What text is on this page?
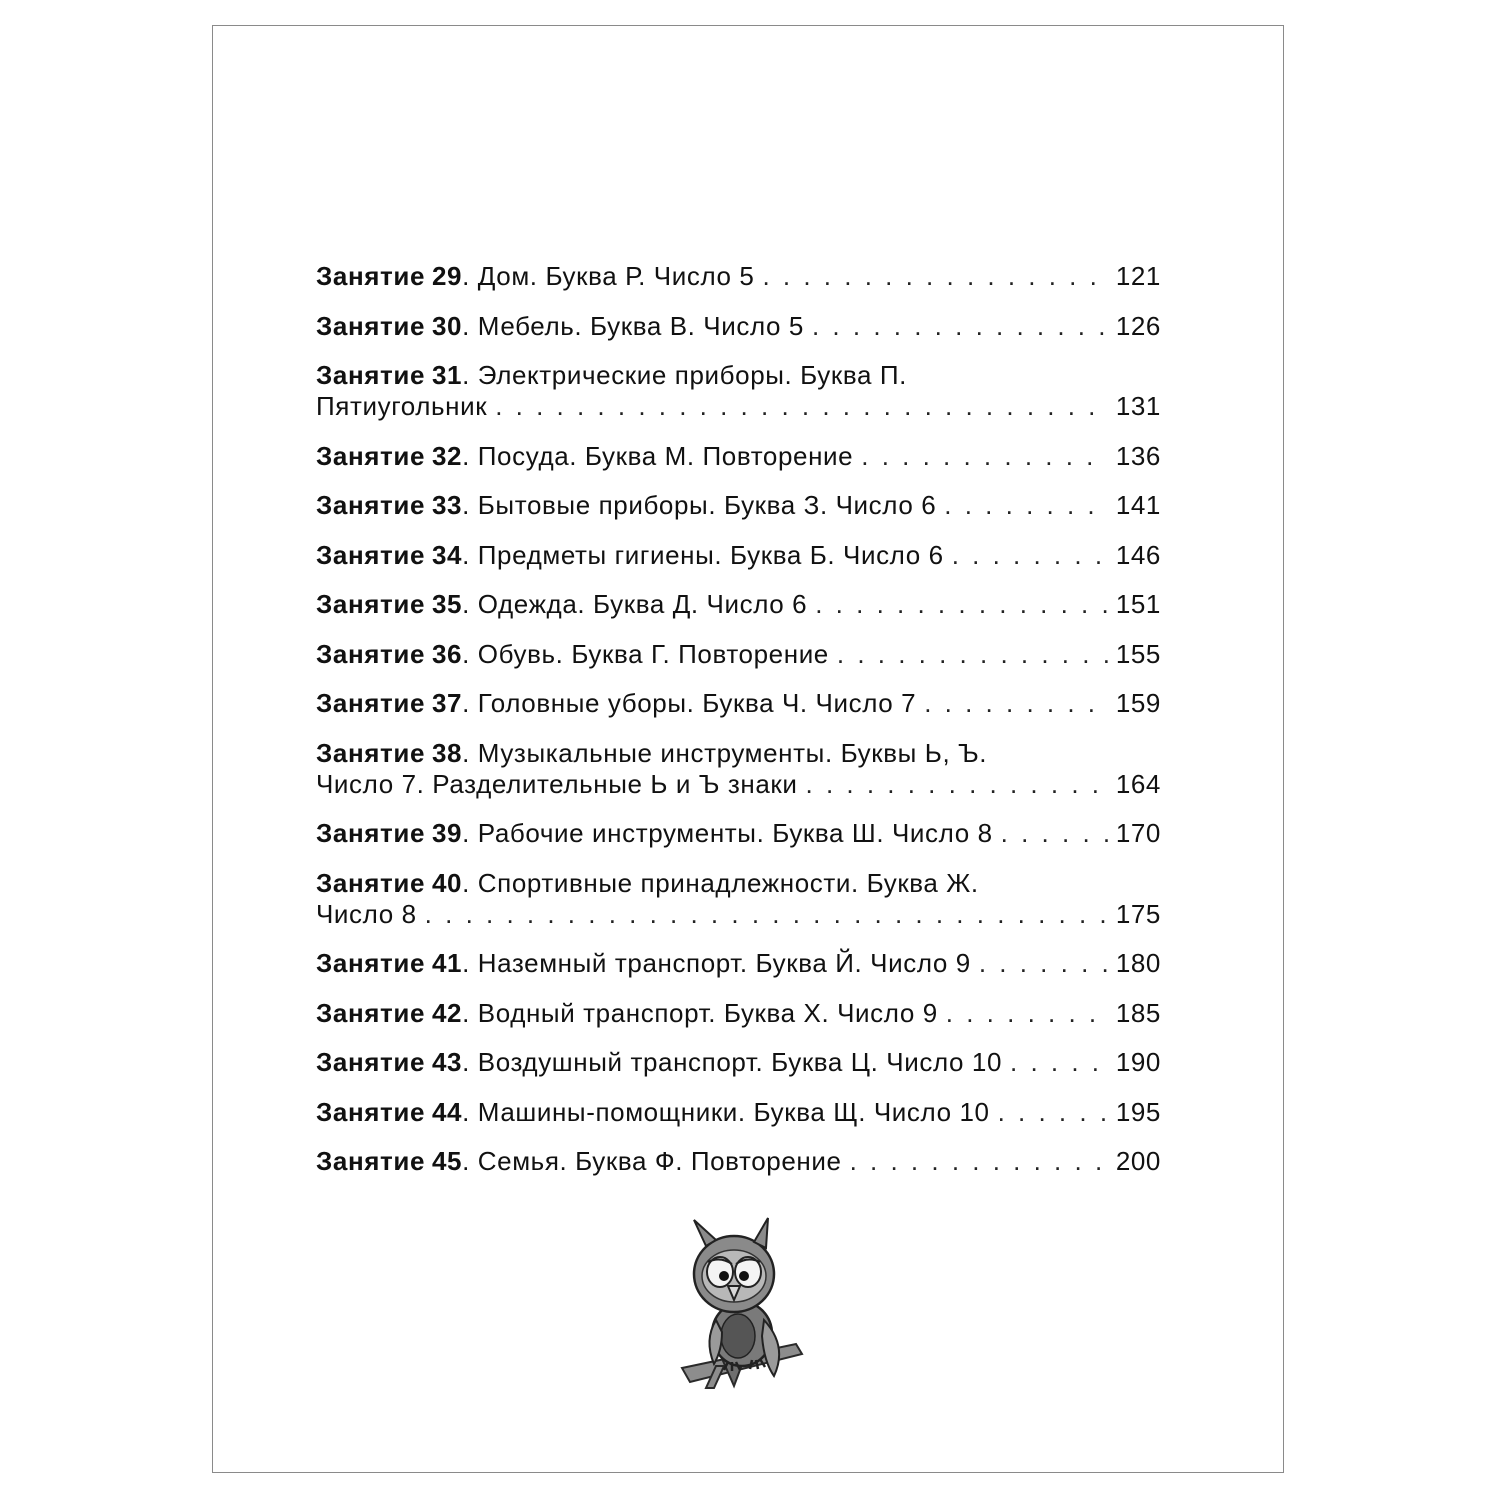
Занятие 29 . Дом. Буква Р. Число 5 . . .	121
Занятие 30 . Мебель. Буква В. Число 5 . . .	126
Занятие 31 . Электрические приборы. Буква П.
Пятиугольник . . .	131
Занятие 32 . Посуда. Буква М. Повторение . . .	136
Занятие 33 . Бытовые приборы. Буква З. Число 6 . . .	141
Занятие 34 . Предметы гигиены. Буква Б. Число 6 . . .	146
Занятие 35 . Одежда. Буква Д. Число 6 . . .	151
Занятие 36 . Обувь. Буква Г. Повторение . . .	155
Занятие 37 . Головные уборы. Буква Ч. Число 7 . . .	159
Занятие 38 . Музыкальные инструменты. Буквы Ь, Ъ.
Число 7. Разделительные Ь и Ъ знаки . . .	164
Занятие 39 . Рабочие инструменты. Буква Ш. Число 8 . . .	170
Занятие 40 . Спортивные принадлежности. Буква Ж.
Число 8 . . .	175
Занятие 41 . Наземный транспорт. Буква Й. Число 9 . . .	180
Занятие 42 . Водный транспорт. Буква Х. Число 9 . . .	185
Занятие 43 . Воздушный транспорт. Буква Ц. Число 10 . . .	190
Занятие 44 . Машины-помощники. Буква Щ. Число 10 . . .	195
Занятие 45 . Семья. Буква Ф. Повторение . . .	200
